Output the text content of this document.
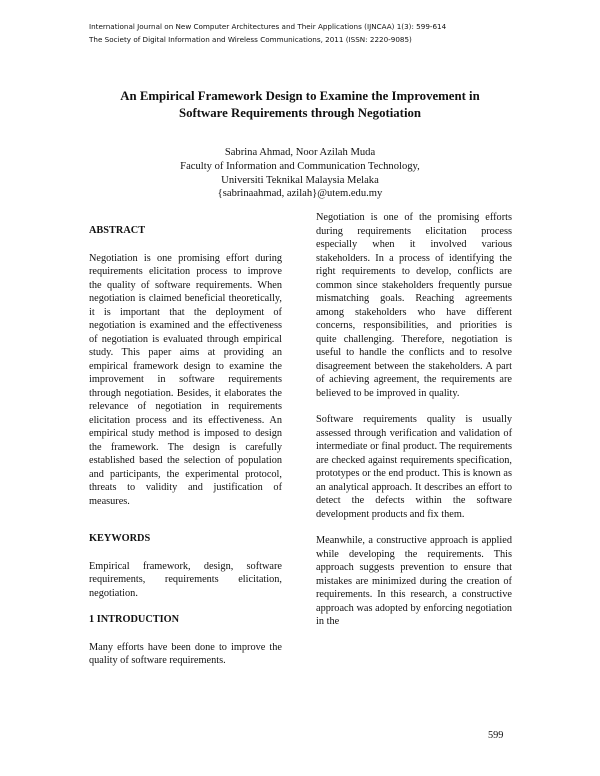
International Journal on New Computer Architectures and Their Applications (IJNCAA) 1(3): 599-614
The Society of Digital Information and Wireless Communications, 2011 (ISSN: 2220-9085)
An Empirical Framework Design to Examine the Improvement in
Software Requirements through Negotiation
Sabrina Ahmad, Noor Azilah Muda
Faculty of Information and Communication Technology,
Universiti Teknikal Malaysia Melaka
{sabrinaahmad, azilah}@utem.edu.my
ABSTRACT

Negotiation is one promising effort during requirements elicitation process to improve the quality of software requirements. When negotiation is claimed beneficial theoretically, it is important that the deployment of negotiation is examined and the effectiveness of negotiation is evaluated through empirical study. This paper aims at providing an empirical framework design to examine the improvement in software requirements through negotiation. Besides, it elaborates the relevance of negotiation in requirements elicitation process and its effectiveness. An empirical study method is imposed to design the framework. The design is carefully established based the selection of population and participants, the experimental protocol, threats to validity and justification of measures.

KEYWORDS

Empirical framework, design, software requirements, requirements elicitation, negotiation.

1 INTRODUCTION

Many efforts have been done to improve the quality of software requirements.

Negotiation is one of the promising efforts during requirements elicitation process especially when it involved various stakeholders. In a process of identifying the right requirements to develop, conflicts are common since stakeholders frequently pursue mismatching goals. Reaching agreements among stakeholders who have different concerns, responsibilities, and priorities is quite challenging. Therefore, negotiation is useful to handle the conflicts and to resolve disagreement between the stakeholders. A part of achieving agreement, the requirements are believed to be improved in quality.

Software requirements quality is usually assessed through verification and validation of intermediate or final product. The requirements are checked against requirements specification, prototypes or the end product. This is known as an analytical approach. It describes an effort to detect the defects within the software development products and fix them.

Meanwhile, a constructive approach is applied while developing the requirements. This approach suggests prevention to ensure that mistakes are minimized during the creation of requirements. In this research, a constructive approach was adopted by enforcing negotiation in the

599
